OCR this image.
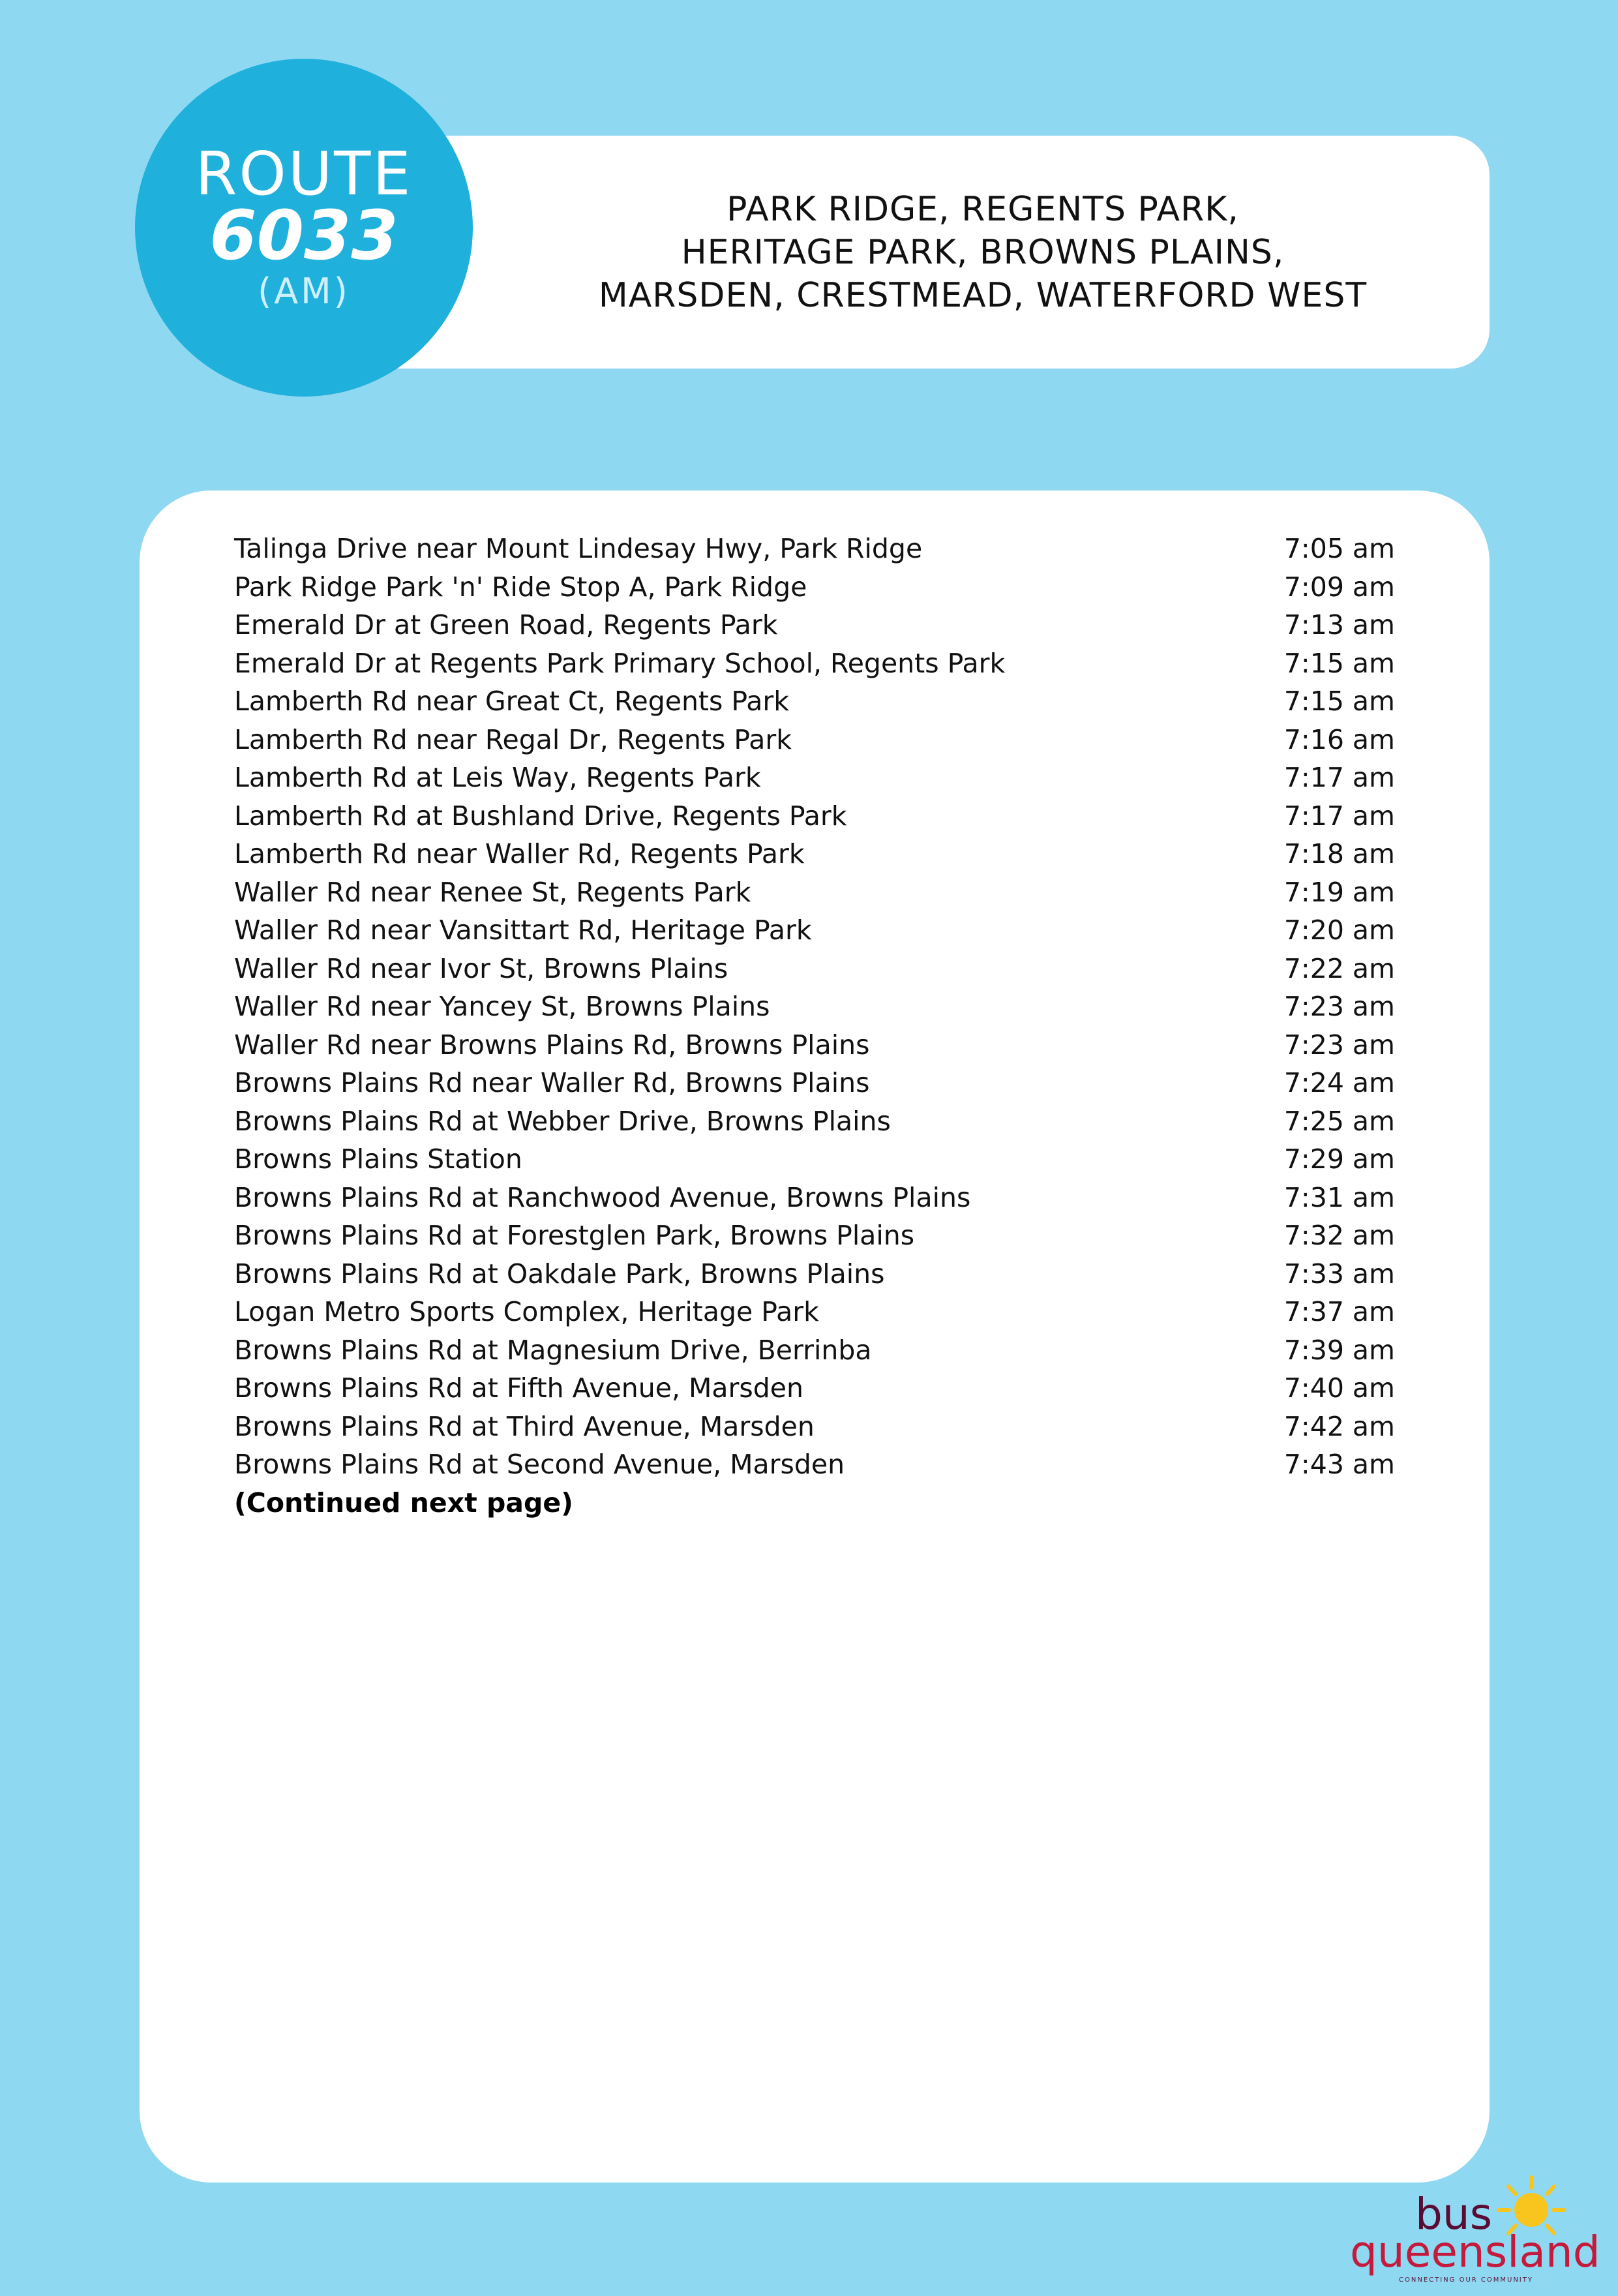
PARK RIDGE, REGENTS PARK,
HERITAGE PARK, BROWNS PLAINS,
MARSDEN, CRESTMEAD, WATERFORD WEST
ROUTE
6033
(AM)
Talinga Drive near Mount Lindesay Hwy, Park Ridge	7:05 am
Park Ridge Park 'n' Ride Stop A, Park Ridge	7:09 am
Emerald Dr at Green Road, Regents Park	7:13 am
Emerald Dr at Regents Park Primary School, Regents Park	7:15 am
Lamberth Rd near Great Ct, Regents Park	7:15 am
Lamberth Rd near Regal Dr, Regents Park	7:16 am
Lamberth Rd at Leis Way, Regents Park	7:17 am
Lamberth Rd at Bushland Drive, Regents Park	7:17 am
Lamberth Rd near Waller Rd, Regents Park	7:18 am
Waller Rd near Renee St, Regents Park	7:19 am
Waller Rd near Vansittart Rd, Heritage Park	7:20 am
Waller Rd near Ivor St, Browns Plains	7:22 am
Waller Rd near Yancey St, Browns Plains	7:23 am
Waller Rd near Browns Plains Rd, Browns Plains	7:23 am
Browns Plains Rd near Waller Rd, Browns Plains	7:24 am
Browns Plains Rd at Webber Drive, Browns Plains	7:25 am
Browns Plains Station	7:29 am
Browns Plains Rd at Ranchwood Avenue, Browns Plains	7:31 am
Browns Plains Rd at Forestglen Park, Browns Plains	7:32 am
Browns Plains Rd at Oakdale Park, Browns Plains	7:33 am
Logan Metro Sports Complex, Heritage Park	7:37 am
Browns Plains Rd at Magnesium Drive, Berrinba	7:39 am
Browns Plains Rd at Fifth Avenue, Marsden	7:40 am
Browns Plains Rd at Third Avenue, Marsden	7:42 am
Browns Plains Rd at Second Avenue, Marsden	7:43 am
(Continued next page)
bus
queensland
CONNECTING OUR COMMUNITY
